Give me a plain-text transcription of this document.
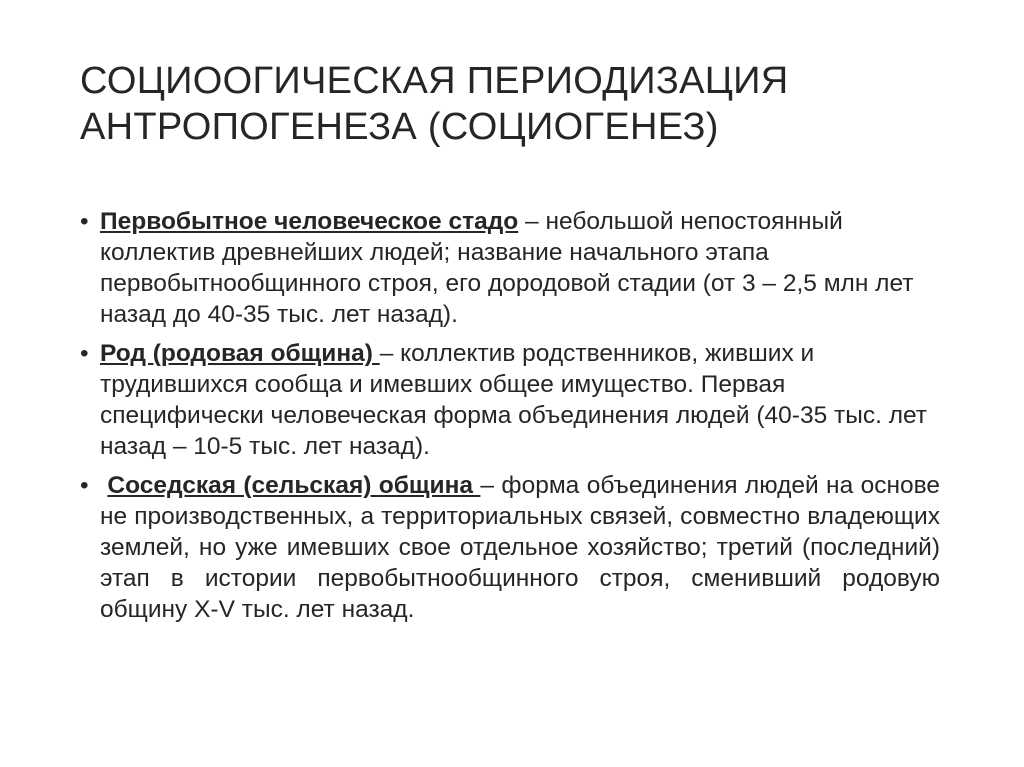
СОЦИООГИЧЕСКАЯ ПЕРИОДИЗАЦИЯ
АНТРОПОГЕНЕЗА (СОЦИОГЕНЕЗ)
• Первобытное человеческое стадо – небольшой непостоянный коллектив древнейших людей; название начального этапа первобытнообщинного строя, его дородовой стадии (от 3 – 2,5 млн лет назад до 40-35 тыс. лет назад).
• Род (родовая община) – коллектив родственников, живших и трудившихся сообща и имевших общее имущество. Первая специфически человеческая форма объединения людей (40-35 тыс. лет назад – 10-5 тыс. лет назад).
• Соседская (сельская) община – форма объединения людей на основе не производственных, а территориальных связей, совместно владеющих землей, но уже имевших свое отдельное хозяйство; третий (последний) этап в истории первобытнообщинного строя, сменивший родовую общину X-V тыс. лет назад.
